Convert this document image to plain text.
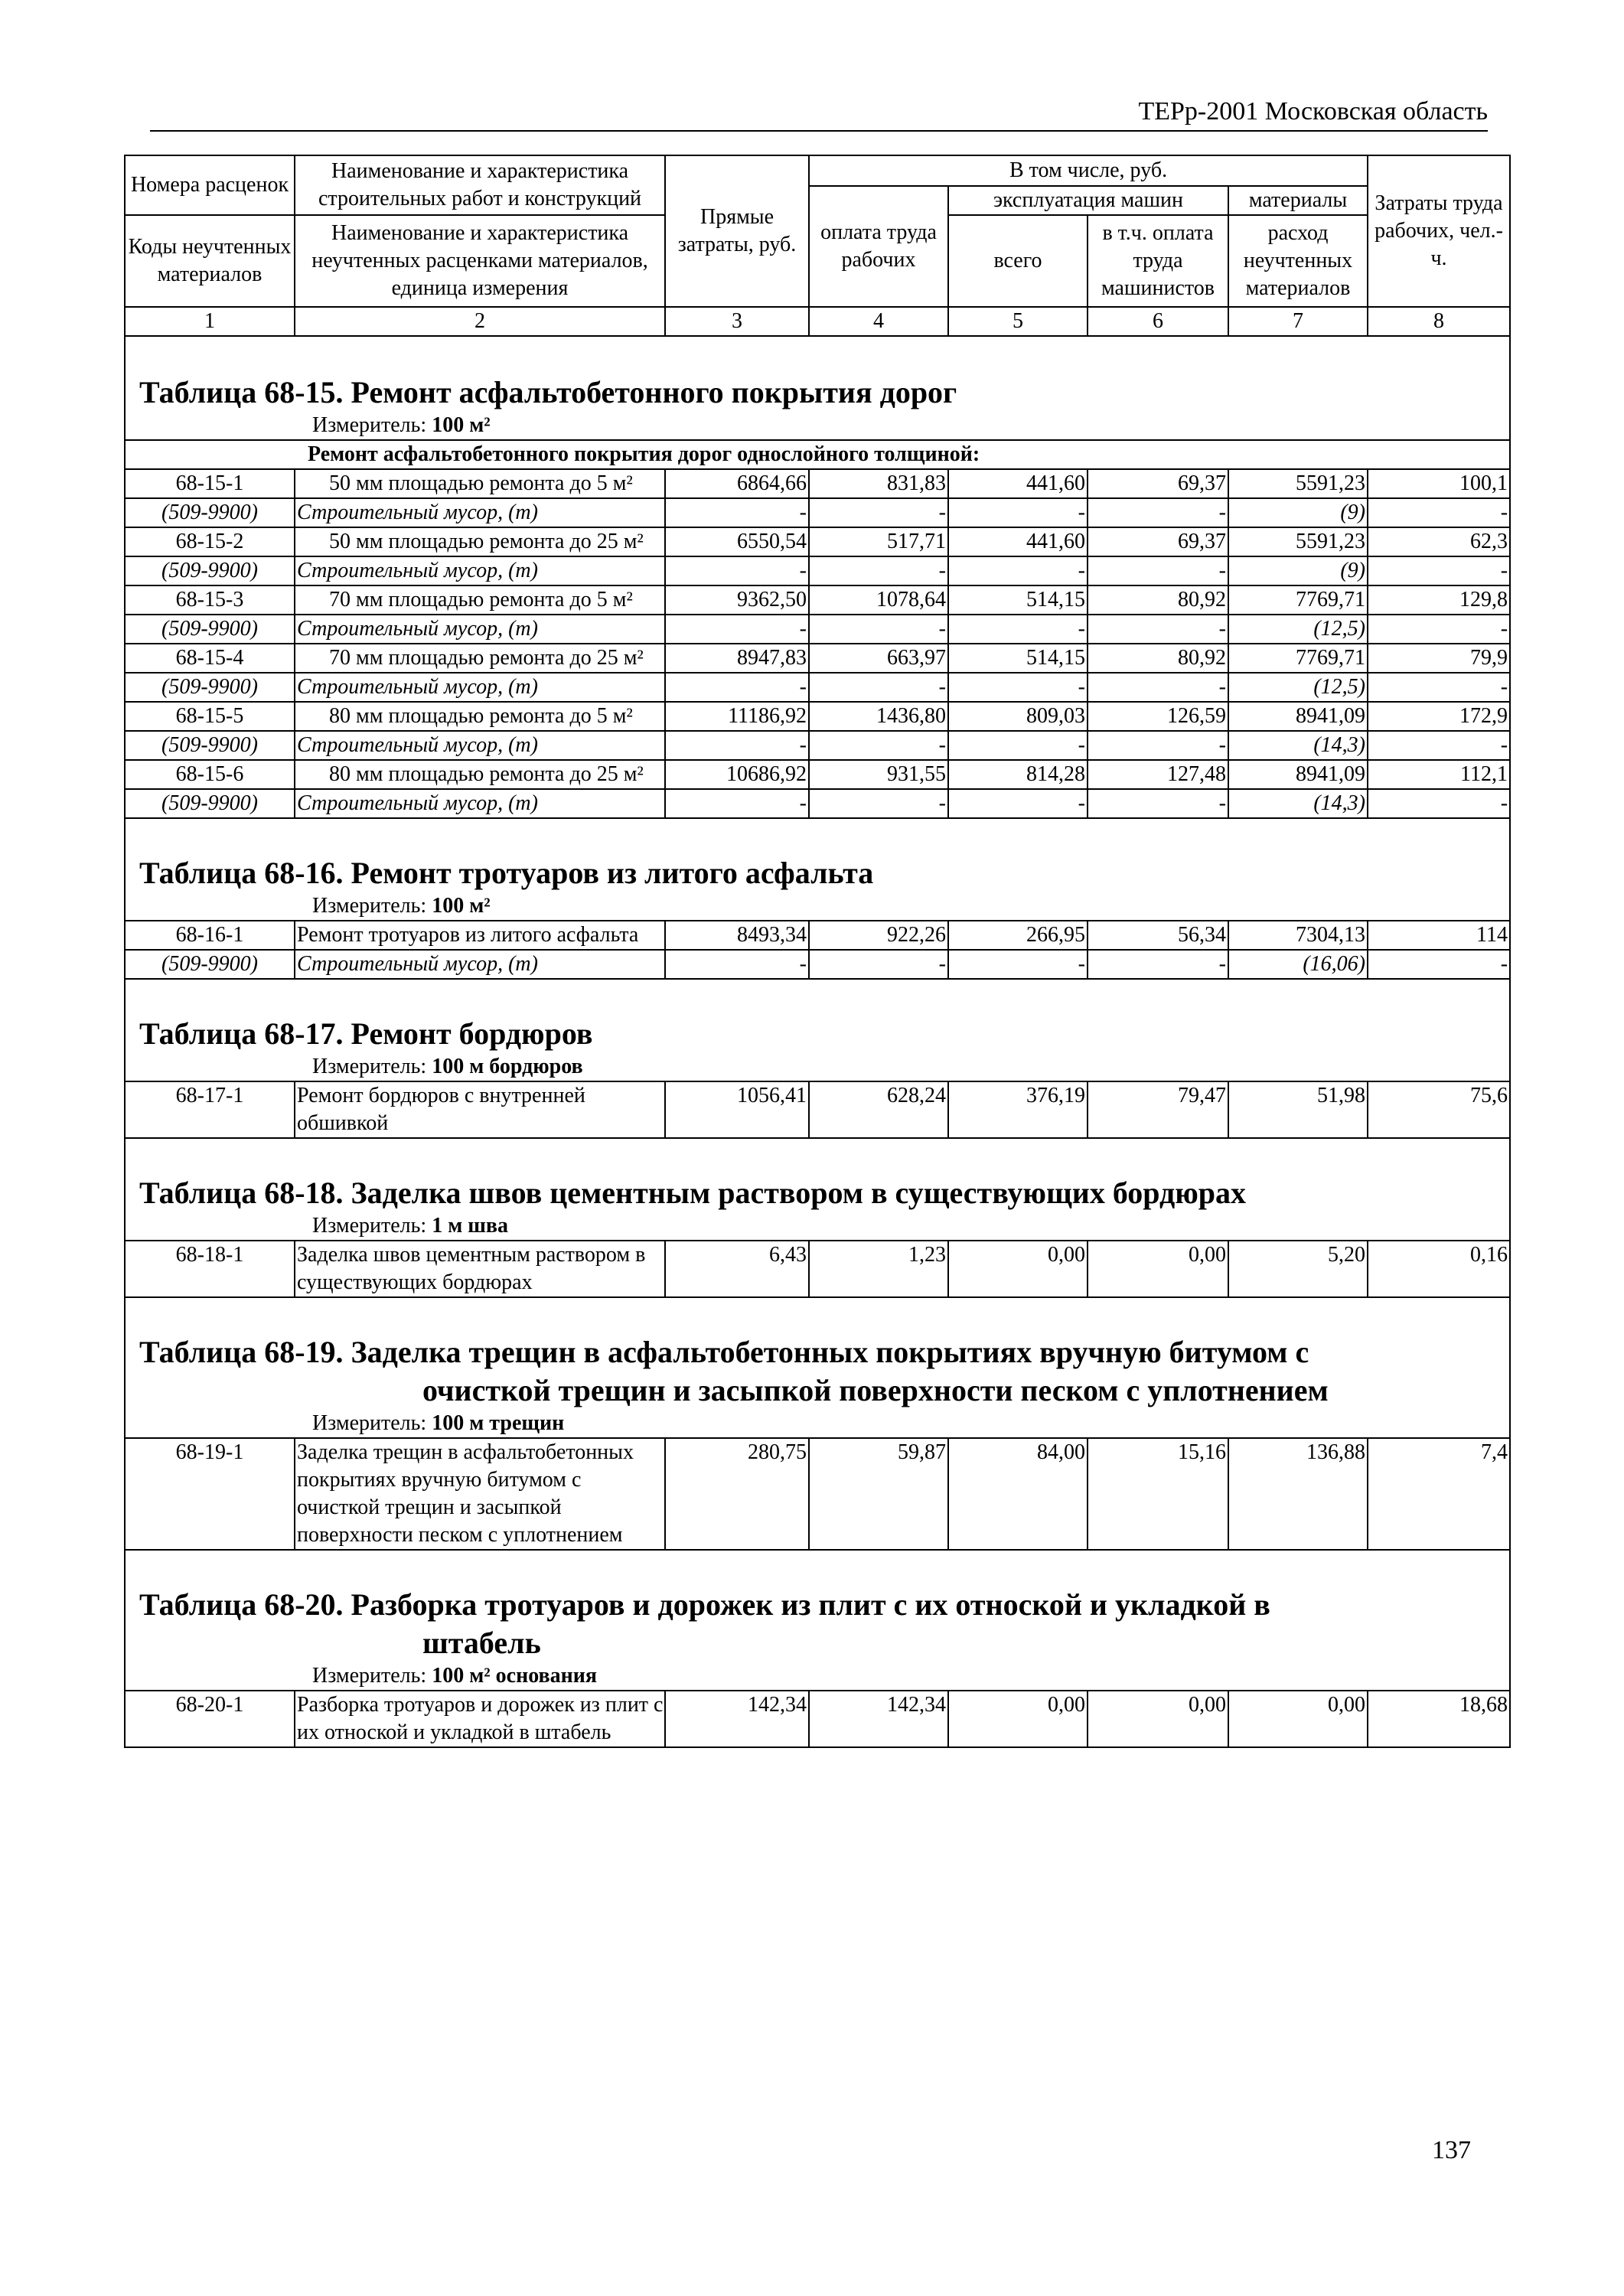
ТЕРр-2001 Московская область
Номера расценок	Наименование и характеристика строительных работ и конструкций	Прямые затраты, руб.	В том числе, руб.				Затраты труда рабочих, чел.-ч.
			оплата труда рабочих	эксплуатация машин		материалы	
Коды неучтенных материалов	Наименование и характеристика неучтенных расценками материалов, единица измерения			всего	в т.ч. оплата труда машинистов	расход неучтенных материалов	

1	2	3	4	5	6	7	8

Таблица 68-15. Ремонт асфальтобетонного покрытия дорог
Измеритель: 100 м²							

Ремонт асфальтобетонного покрытия дорог однослойного толщиной:							
68-15-1	50 мм площадью ремонта до 5 м²	6864,66	831,83	441,60	69,37	5591,23	100,1
(509-9900)	Строительный мусор, (т)	-	-	-	-	(9)	-
68-15-2	50 мм площадью ремонта до 25 м²	6550,54	517,71	441,60	69,37	5591,23	62,3
(509-9900)	Строительный мусор, (т)	-	-	-	-	(9)	-
68-15-3	70 мм площадью ремонта до 5 м²	9362,50	1078,64	514,15	80,92	7769,71	129,8
(509-9900)	Строительный мусор, (т)	-	-	-	-	(12,5)	-
68-15-4	70 мм площадью ремонта до 25 м²	8947,83	663,97	514,15	80,92	7769,71	79,9
(509-9900)	Строительный мусор, (т)	-	-	-	-	(12,5)	-
68-15-5	80 мм площадью ремонта до 5 м²	11186,92	1436,80	809,03	126,59	8941,09	172,9
(509-9900)	Строительный мусор, (т)	-	-	-	-	(14,3)	-
68-15-6	80 мм площадью ремонта до 25 м²	10686,92	931,55	814,28	127,48	8941,09	112,1
(509-9900)	Строительный мусор, (т)	-	-	-	-	(14,3)	-

Таблица 68-16. Ремонт тротуаров из литого асфальта
Измеритель: 100 м²							

68-16-1	Ремонт тротуаров из литого асфальта	8493,34	922,26	266,95	56,34	7304,13	114
(509-9900)	Строительный мусор, (т)	-	-	-	-	(16,06)	-

Таблица 68-17. Ремонт бордюров
Измеритель: 100 м бордюров							

68-17-1	Ремонт бордюров с внутренней обшивкой	1056,41	628,24	376,19	79,47	51,98	75,6

Таблица 68-18. Заделка швов цементным раствором в существующих бордюрах
Измеритель: 1 м шва							

68-18-1	Заделка швов цементным раствором в существующих бордюрах	6,43	1,23	0,00	0,00	5,20	0,16

Таблица 68-19. Заделка трещин в асфальтобетонных покрытиях вручную битумом с
очисткой трещин и засыпкой поверхности песком с уплотнением
Измеритель: 100 м трещин							

68-19-1	Заделка трещин в асфальтобетонных покрытиях вручную битумом с очисткой трещин и засыпкой поверхности песком с уплотнением	280,75	59,87	84,00	15,16	136,88	7,4

Таблица 68-20. Разборка тротуаров и дорожек из плит с их отноской и укладкой в
штабель
Измеритель: 100 м² основания							

68-20-1	Разборка тротуаров и дорожек из плит с их отноской и укладкой в штабель	142,34	142,34	0,00	0,00	0,00	18,68
137
